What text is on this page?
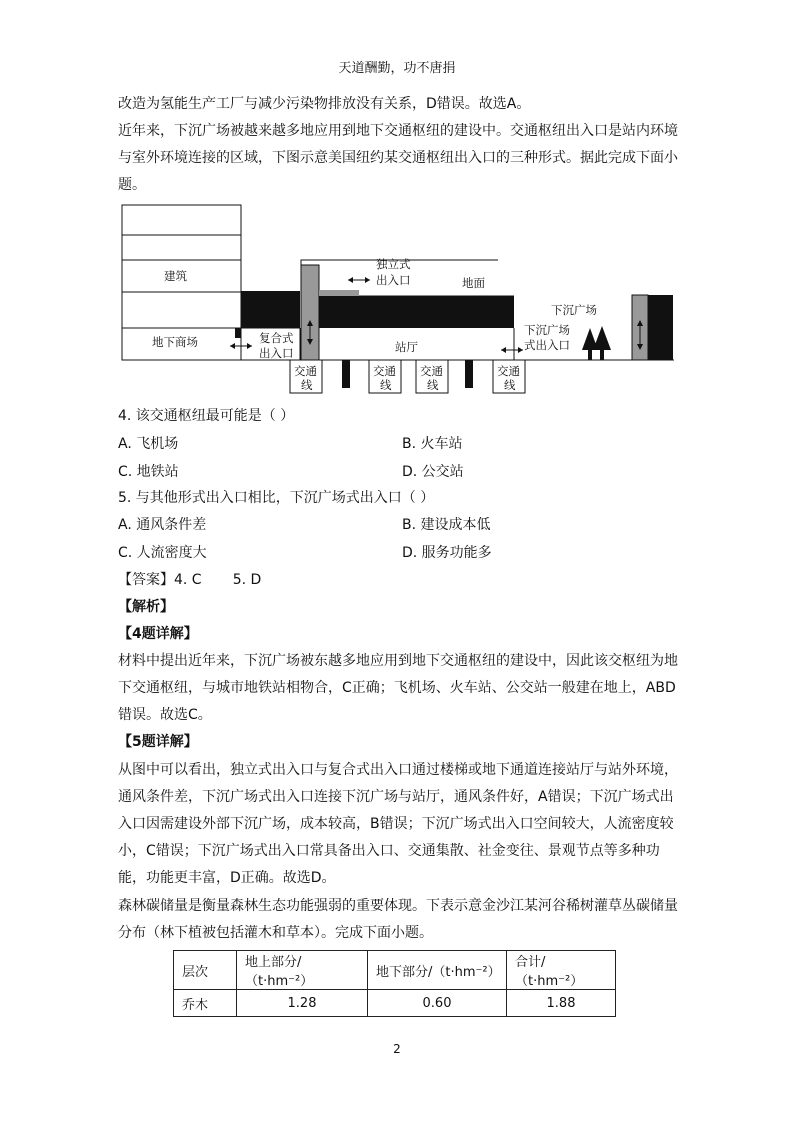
天道酬勤，功不唐捐

改造为氢能生产工厂与减少污染物排放没有关系，D错误。故选A。

近年来，下沉广场被越来越多地应用到地下交通枢纽的建设中。交通枢纽出入口是站内环境与室外环境连接的区域，下图示意美国纽约某交通枢纽出入口的三种形式。据此完成下面小题。

建筑
地下商场	复合式
出入口
独立式
出入口	地面
站厅
下沉广场
式出入口
下沉广场
交通
线
交通
线
交通
线
交通
线
4. 该交通枢纽最可能是（ ）
A. 飞机场	B. 火车站
C. 地铁站	D. 公交站
5. 与其他形式出入口相比，下沉广场式出入口（ ）
A. 通风条件差	B. 建设成本低
C. 人流密度大	D. 服务功能多
【答案】4. C       5. D
【解析】
【4题详解】

材料中提出近年来，下沉广场被东越多地应用到地下交通枢纽的建设中，因此该交枢纽为地下交通枢纽，与城市地铁站相物合，C正确；飞机场、火车站、公交站一般建在地上，ABD错误。故选C。

【5题详解】

从图中可以看出，独立式出入口与复合式出入口通过楼梯或地下通道连接站厅与站外环境，通风条件差，下沉广场式出入口连接下沉广场与站厅，通风条件好，A错误；下沉广场式出入口因需建设外部下沉广场，成本较高，B错误；下沉广场式出入口空间较大，人流密度较小，C错误；下沉广场式出入口常具备出入口、交通集散、社金变往、景观节点等多种功能，功能更丰富，D正确。故选D。

森林碳储量是衡量森林生态功能强弱的重要体现。下表示意金沙江某河谷稀树灌草丛碳储量分布（林下植被包括灌木和草本）。完成下面小题。

层次	地上部分/（t·hm⁻²）	地下部分/（t·hm⁻²）	合计/（t·hm⁻²）
乔木	1.28	0.60	1.88
2
